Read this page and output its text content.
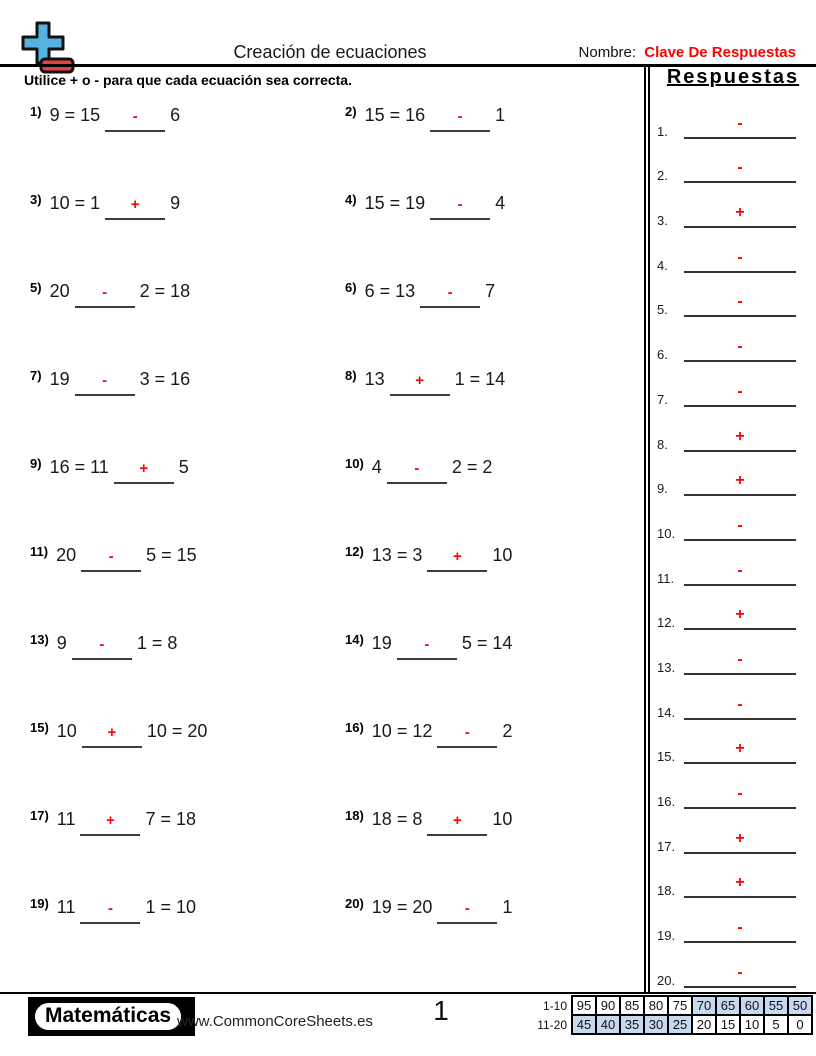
Creación de ecuaciones	Nombre: Clave De Respuestas
Utilice + o - para que cada ecuación sea correcta.
$^{1)}$ 9 = 15 - 6	$^{2)}$ 15 = 16 - 1
$^{3)}$ 10 = 1 + 9	$^{4)}$ 15 = 19 - 4
$^{5)}$ 20 - 2 = 18	$^{6)}$ 6 = 13 - 7
$^{7)}$ 19 - 3 = 16	$^{8)}$ 13 + 1 = 14
$^{9)}$ 16 = 11 + 5	$^{10)}$ 4 - 2 = 2
$^{11)}$ 20 - 5 = 15	$^{12)}$ 13 = 3 + 10
$^{13)}$ 9 - 1 = 8	$^{14)}$ 19 - 5 = 14
$^{15)}$ 10 + 10 = 20	$^{16)}$ 10 = 12 - 2
$^{17)}$ 11 + 7 = 18	$^{18)}$ 18 = 8 + 10
$^{19)}$ 11 - 1 = 10	$^{20)}$ 19 = 20 - 1
Respuestas
1.	-
2.	-
3.	+
4.	-
5.	-
6.	-
7.	-
8.	+
9.	+
10.	-
11.	-
12.	+
13.	-
14.	-
15.	+
16.	-
17.	+
18.	+
19.	-
20.	-
Matemáticas www.CommonCoreSheets.es	1	1-10	95	90	85	80	75	70	65	60	55	50
11-20	45	40	35	30	25	20	15	10	5	0
